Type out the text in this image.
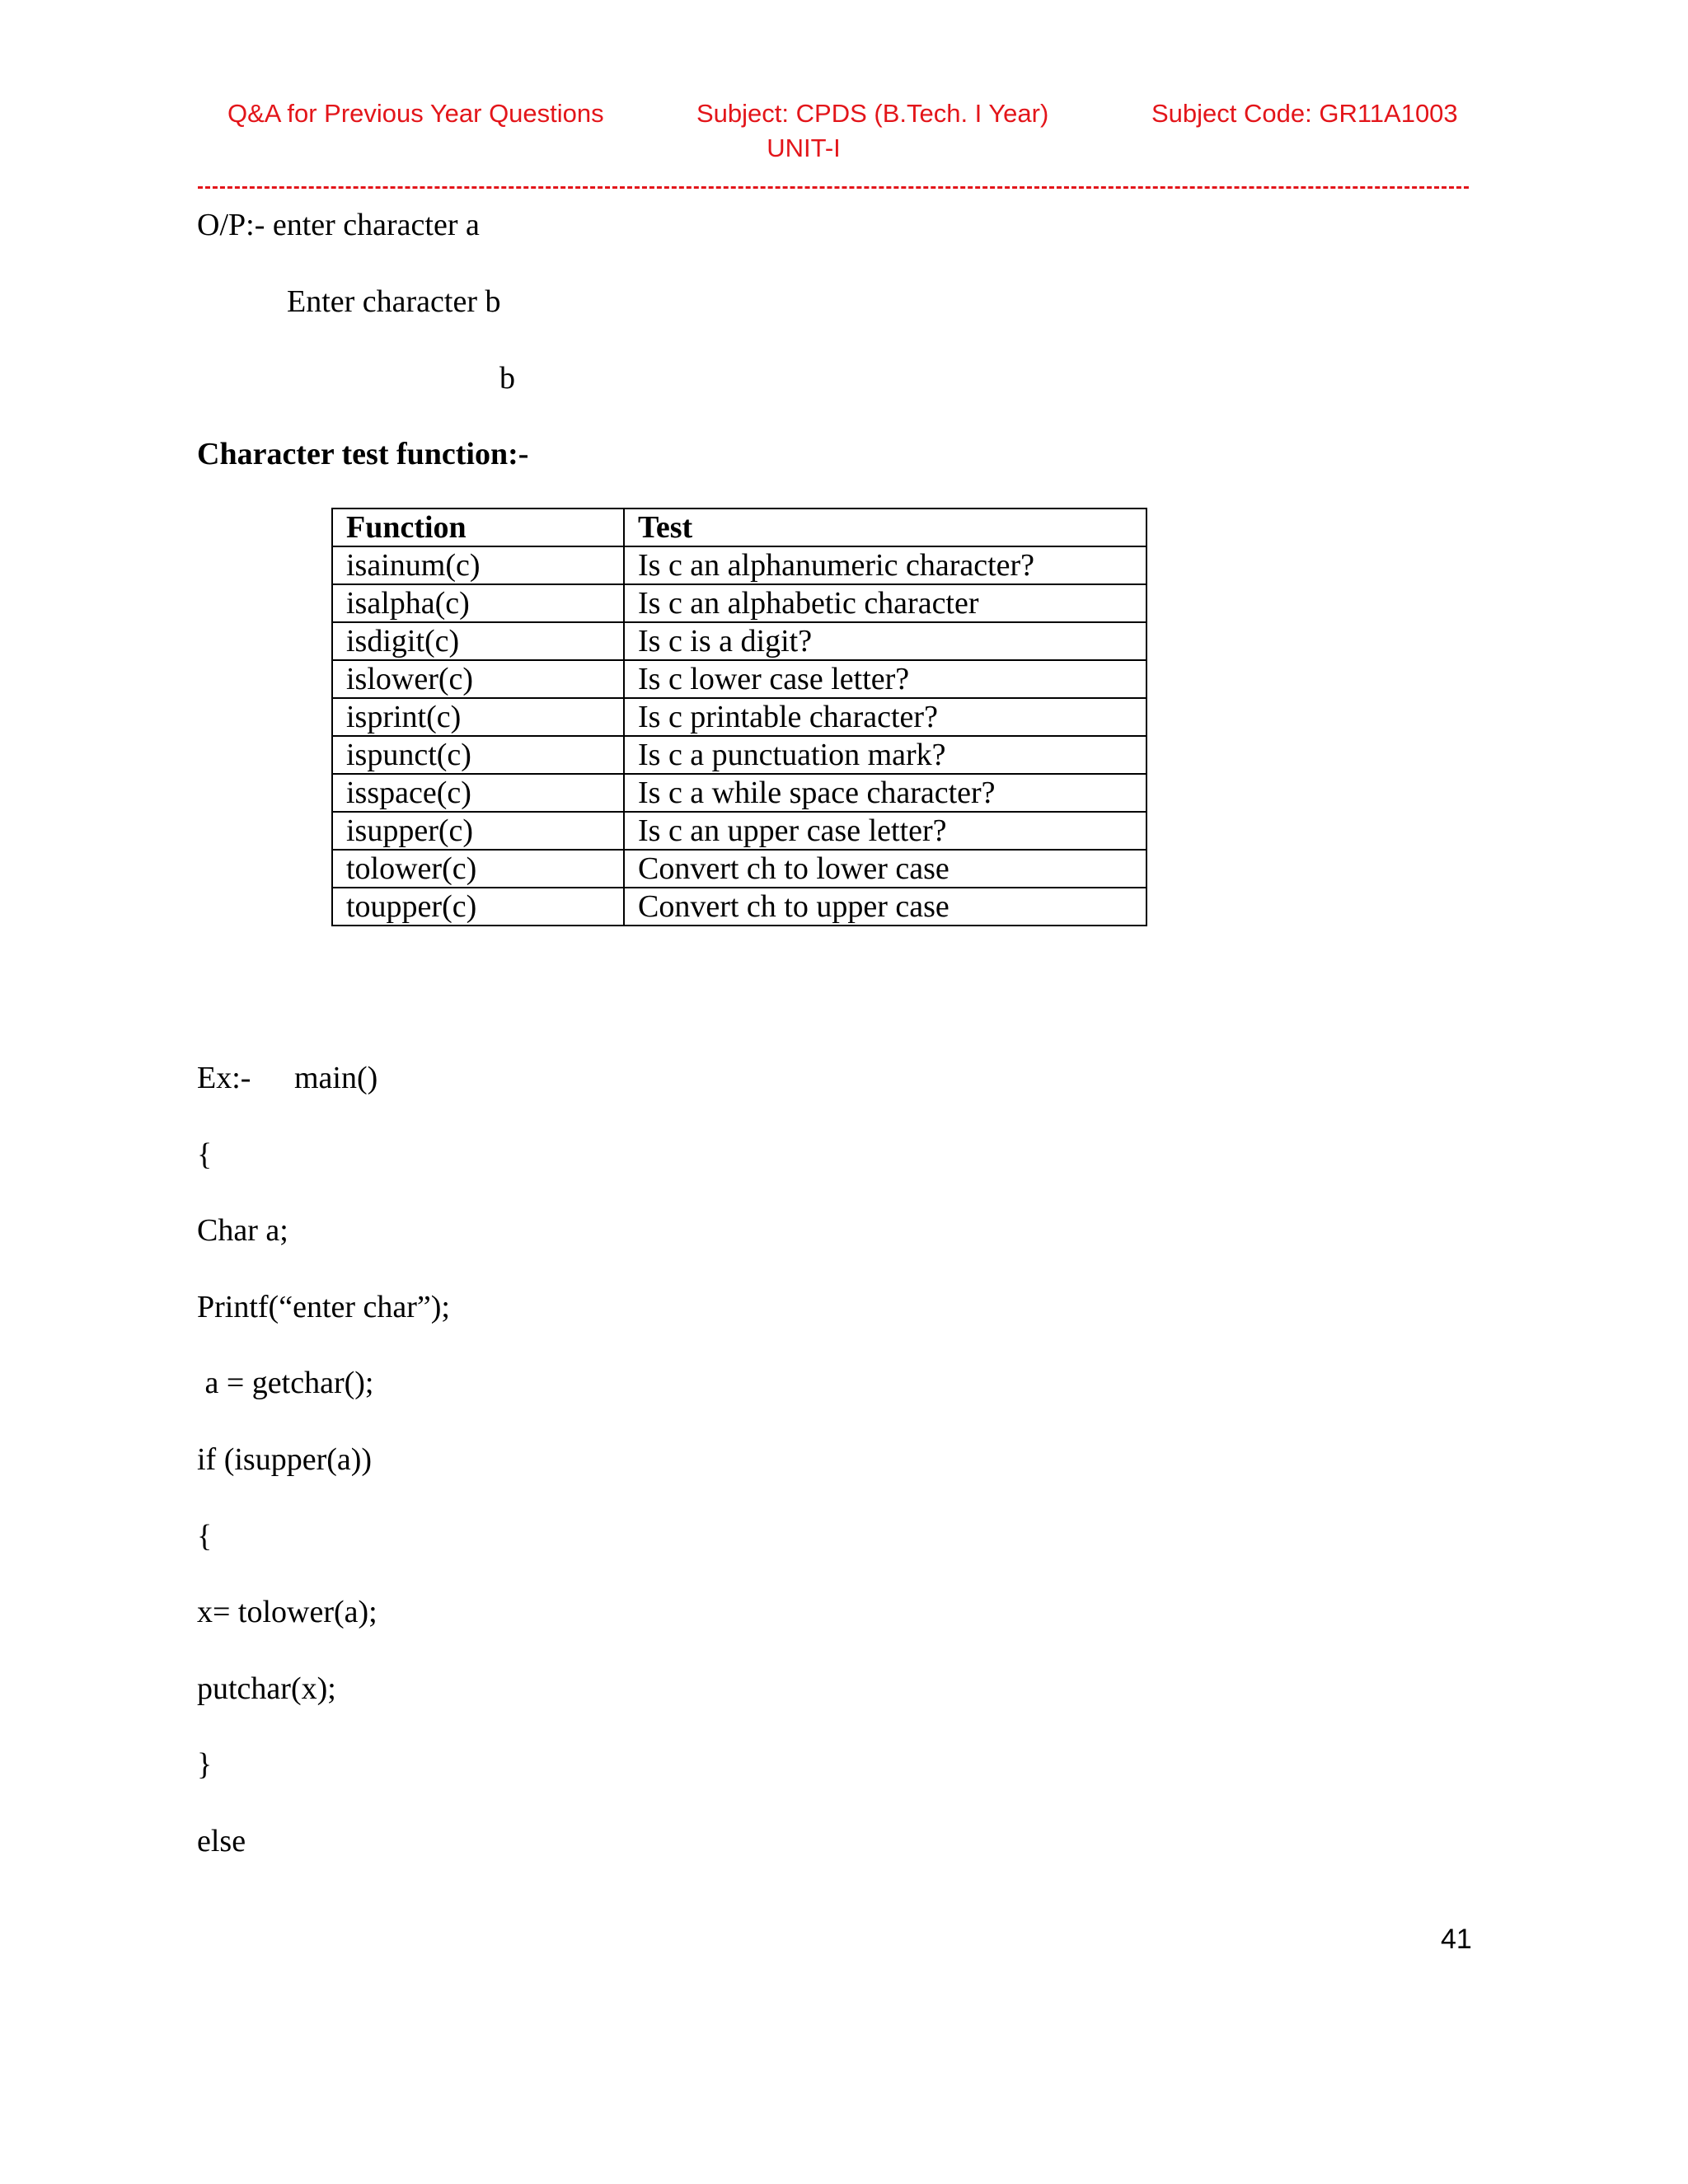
Q&A for Previous Year Questions	Subject: CPDS (B.Tech. I Year)
UNIT-I
Subject Code: GR11A1003
O/P:- enter character a
Enter character b
b
Character test function:-
Function	Test
isainum(c)	Is c an alphanumeric character?
isalpha(c)	Is c an alphabetic character
isdigit(c)	Is c is a digit?
islower(c)	Is c lower case letter?
isprint(c)	Is c printable character?
ispunct(c)	Is c a punctuation mark?
isspace(c)	Is c a while space character?
isupper(c)	Is c an upper case letter?
tolower(c)	Convert ch to lower case
toupper(c)	Convert ch to upper case
Ex:- main()
{
Char a;
Printf(“enter char”);
a = getchar();
if (isupper(a))
{
x= tolower(a);
putchar(x);
}
else
41
